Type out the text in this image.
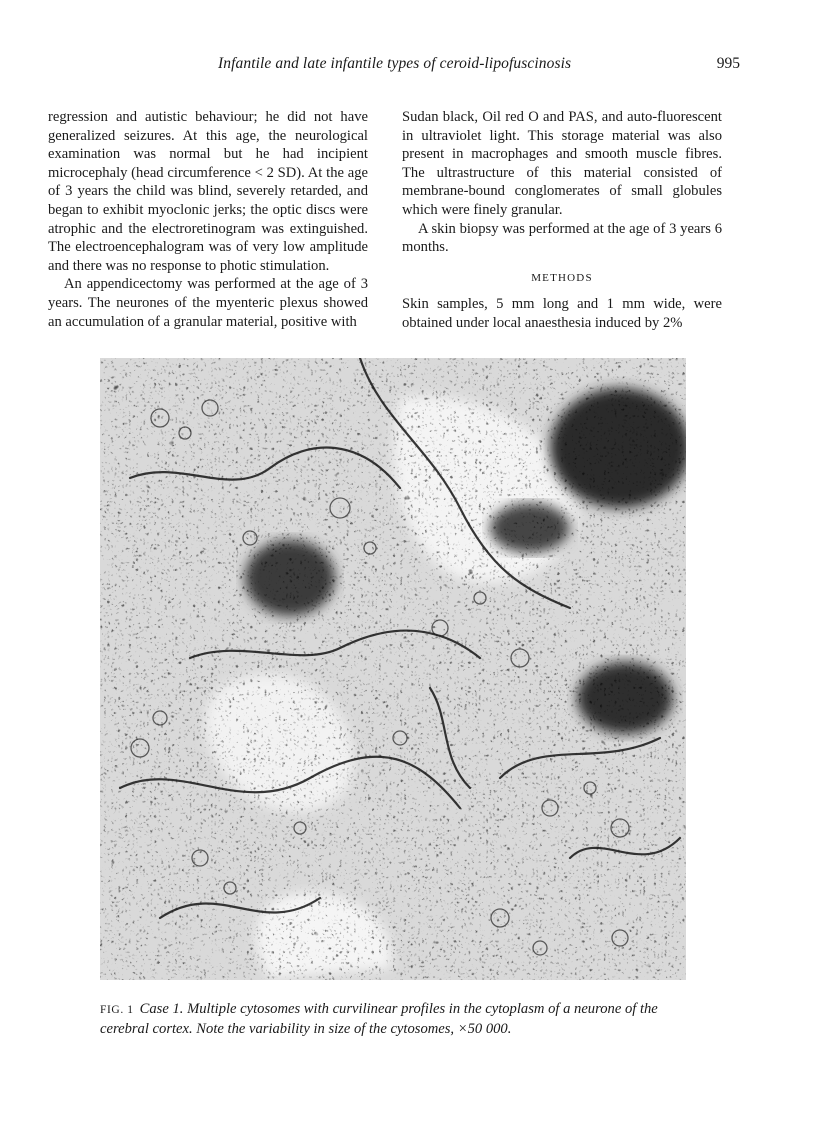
Infantile and late infantile types of ceroid-lipofuscinosis	995

regression and autistic behaviour; he did not have generalized seizures. At this age, the neurological examination was normal but he had incipient microcephaly (head circumference < 2 SD). At the age of 3 years the child was blind, severely retarded, and began to exhibit myoclonic jerks; the optic discs were atrophic and the electroretinogram was extinguished. The electroencephalogram was of very low amplitude and there was no response to photic stimulation.

An appendicectomy was performed at the age of 3 years. The neurones of the myenteric plexus showed an accumulation of a granular material, positive with

Sudan black, Oil red O and PAS, and auto-fluorescent in ultraviolet light. This storage material was also present in macrophages and smooth muscle fibres. The ultrastructure of this material consisted of membrane-bound conglomerates of small globules which were finely granular.

A skin biopsy was performed at the age of 3 years 6 months.

METHODS

Skin samples, 5 mm long and 1 mm wide, were obtained under local anaesthesia induced by 2%

FIG. 1 Case 1. Multiple cytosomes with curvilinear profiles in the cytoplasm of a neurone of the cerebral cortex. Note the variability in size of the cytosomes, ×50 000.
